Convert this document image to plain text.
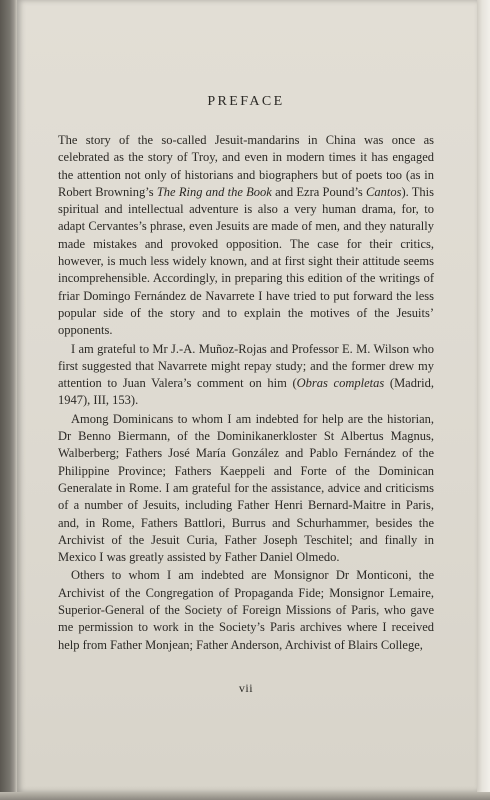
PREFACE

The story of the so-called Jesuit-mandarins in China was once as celebrated as the story of Troy, and even in modern times it has engaged the attention not only of historians and biographers but of poets too (as in Robert Browning’s The Ring and the Book and Ezra Pound’s Cantos). This spiritual and intellectual adventure is also a very human drama, for, to adapt Cervantes’s phrase, even Jesuits are made of men, and they naturally made mistakes and provoked opposition. The case for their critics, however, is much less widely known, and at first sight their attitude seems incomprehensible. Accordingly, in preparing this edition of the writings of friar Domingo Fernández de Navarrete I have tried to put forward the less popular side of the story and to explain the motives of the Jesuits’ opponents.

I am grateful to Mr J.-A. Muñoz-Rojas and Professor E. M. Wilson who first suggested that Navarrete might repay study; and the former drew my attention to Juan Valera’s comment on him (Obras completas (Madrid, 1947), III, 153).

Among Dominicans to whom I am indebted for help are the historian, Dr Benno Biermann, of the Dominikanerkloster St Albertus Magnus, Walberberg; Fathers José María González and Pablo Fernández of the Philippine Province; Fathers Kaeppeli and Forte of the Dominican Generalate in Rome. I am grateful for the assistance, advice and criticisms of a number of Jesuits, including Father Henri Bernard-Maitre in Paris, and, in Rome, Fathers Battlori, Burrus and Schurhammer, besides the Archivist of the Jesuit Curia, Father Joseph Teschitel; and finally in Mexico I was greatly assisted by Father Daniel Olmedo.

Others to whom I am indebted are Monsignor Dr Monticoni, the Archivist of the Congregation of Propaganda Fide; Monsignor Lemaire, Superior-General of the Society of Foreign Missions of Paris, who gave me permission to work in the Society’s Paris archives where I received help from Father Monjean; Father Anderson, Archivist of Blairs College,

vii
